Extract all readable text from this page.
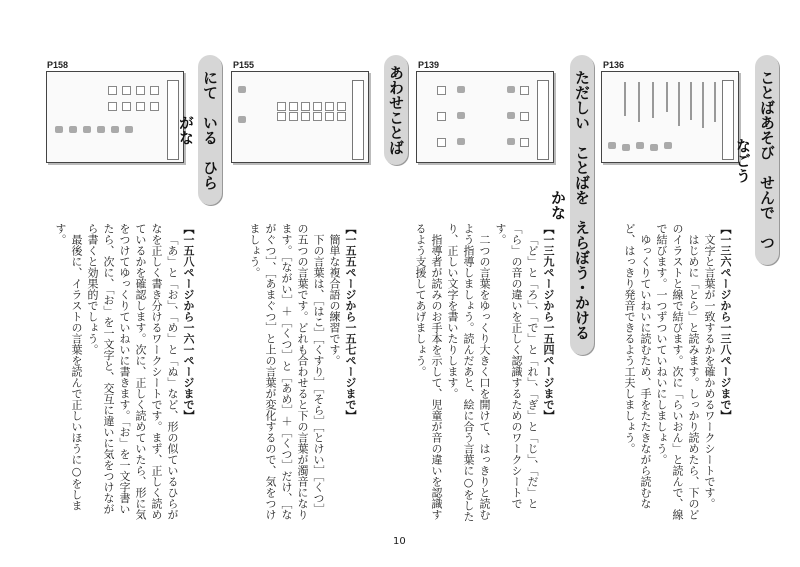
P136
ことばあそび　せんで　つなごう
【一三六ページから一三八ページまで】
文字と言葉が一致するかを確かめるワークシートです。
はじめに「とら」と読みます。しっかり読めたら、下のどのイラストと線で結びます。次に「らいおん」と読んで、線で結びます。一つずついていねいにしましょう。
ゆっくりていねいに読むため、手をたたきながら読むなど、はっきり発音できるよう工夫しましょう。
P139
ただしい　ことばを　えらぼう・かけるかな
【一三九ページから一五四ページまで】
「ど」と「ろ」、「で」と「れ」、「ぎ」と「じ」、「だ」と「ら」の音の違いを正しく認識するためのワークシートです。
二つの言葉をゆっくり大きく口を開けて、はっきりと読むよう指導しましょう。読んだあと、絵に合う言葉に○をしたり、正しい文字を書いたりします。
指導者が読みのお手本を示して、児童が音の違いを認識するよう支援してあげましょう。
P155	あわせことば
【一五五ページから一五七ページまで】
簡単な複合語の練習です。
下の言葉は、［はこ］［くすり］［そら］［とけい］［くつ］の五つの言葉です。どれも合わせると下の言葉が濁音になります。［ながい］＋［くつ］と［あめ］＋［くつ］だけ、［ながぐつ］、［あまぐつ］と上の言葉が変化するので、気をつけましょう。
P158
にて　いる　ひらがな
【一五八ページから一六一ページまで】
「あ」と「お」、「め」と「ぬ」など、形の似ているひらがなを正しく書き分けるワークシートです。まず、正しく読めているかを確認します。次に、正しく読めていたら、形に気をつけてゆっくりていねいに書きます。「お」を一文字書いたら、次に、「お」を一文字と、交互に違いに気をつけながら書くと効果的でしょう。
最後に、イラストの言葉を読んで正しいほうに○をします。
10
